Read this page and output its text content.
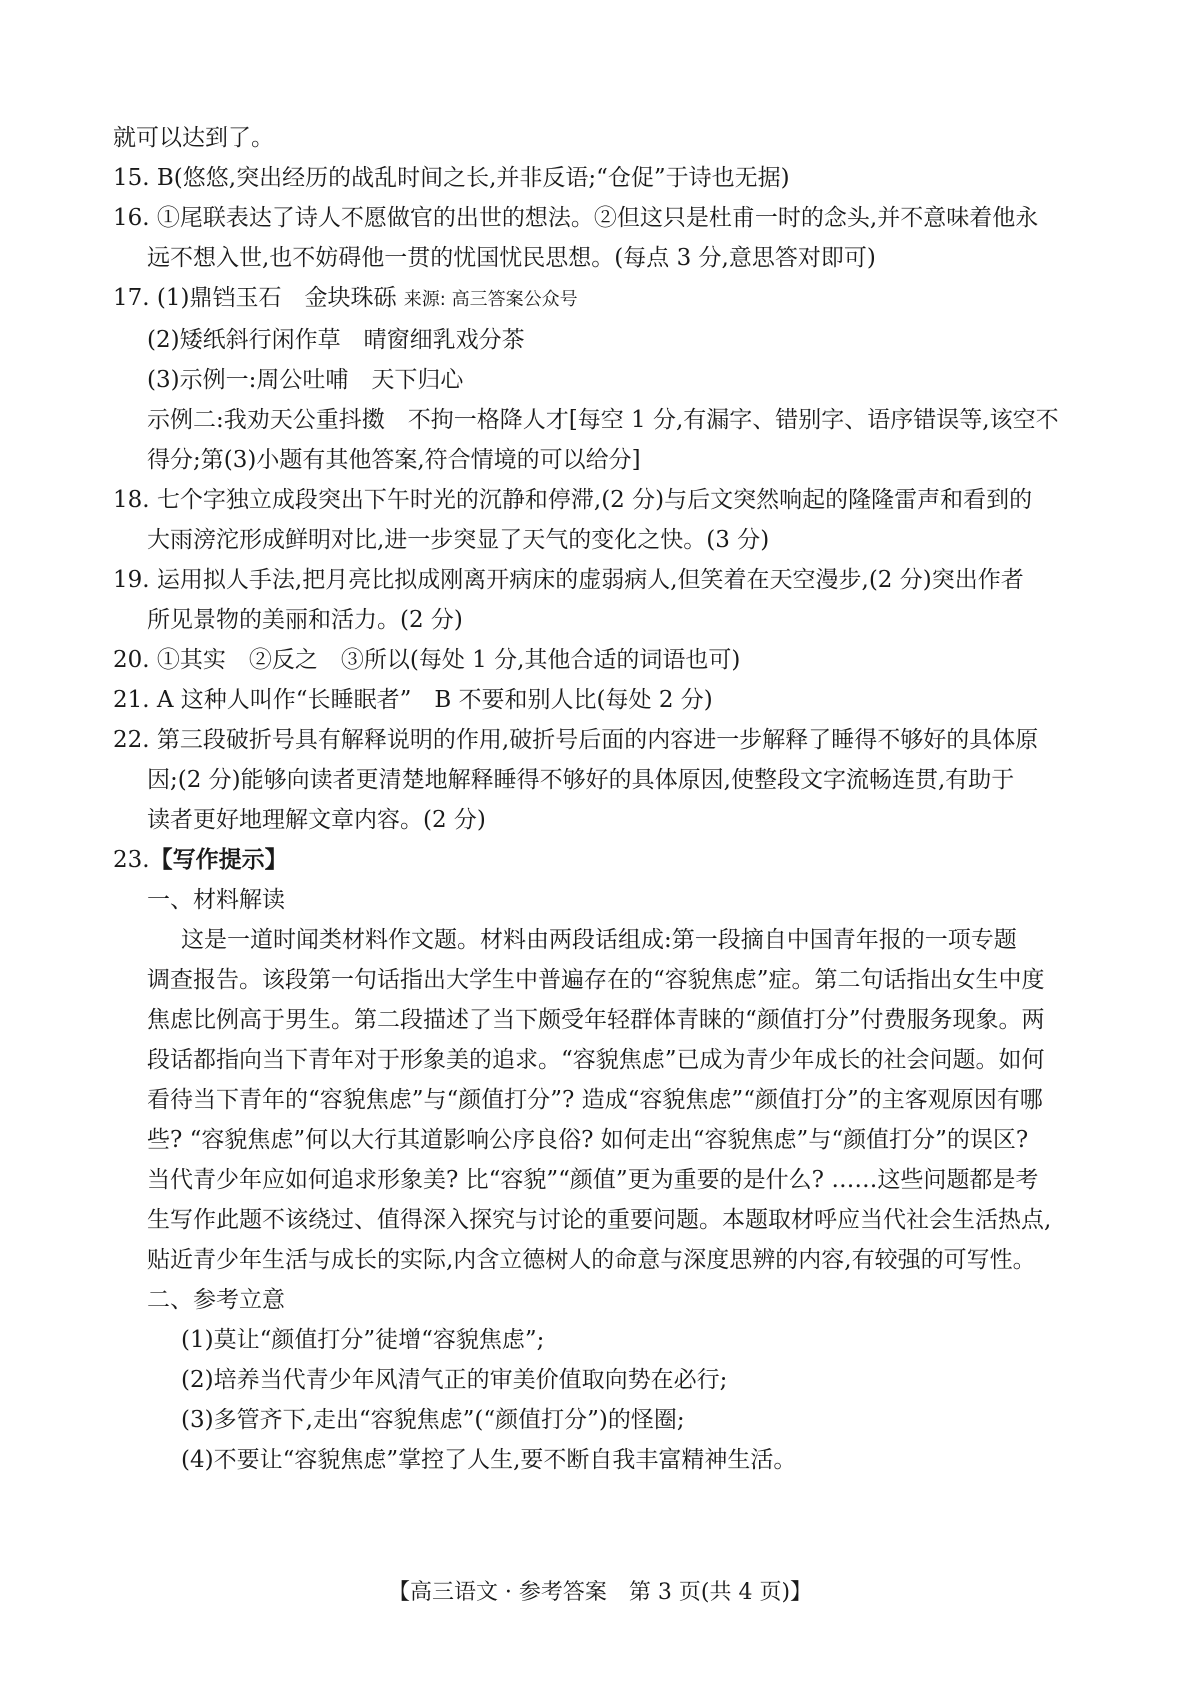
就可以达到了。
15. B(悠悠,突出经历的战乱时间之长,并非反语;“仓促”于诗也无据)
16. ①尾联表达了诗人不愿做官的出世的想法。②但这只是杜甫一时的念头,并不意味着他永
远不想入世,也不妨碍他一贯的忧国忧民思想。(每点 3 分,意思答对即可)
17. (1)鼎铛玉石　金块珠砾 来源: 高三答案公众号
(2)矮纸斜行闲作草　晴窗细乳戏分茶
(3)示例一:周公吐哺　天下归心
示例二:我劝天公重抖擞　不拘一格降人才[每空 1 分,有漏字、错别字、语序错误等,该空不
得分;第(3)小题有其他答案,符合情境的可以给分]
18. 七个字独立成段突出下午时光的沉静和停滞,(2 分)与后文突然响起的隆隆雷声和看到的
大雨滂沱形成鲜明对比,进一步突显了天气的变化之快。(3 分)
19. 运用拟人手法,把月亮比拟成刚离开病床的虚弱病人,但笑着在天空漫步,(2 分)突出作者
所见景物的美丽和活力。(2 分)
20. ①其实　②反之　③所以(每处 1 分,其他合适的词语也可)
21. A 这种人叫作“长睡眠者”　B 不要和别人比(每处 2 分)
22. 第三段破折号具有解释说明的作用,破折号后面的内容进一步解释了睡得不够好的具体原
因;(2 分)能够向读者更清楚地解释睡得不够好的具体原因,使整段文字流畅连贯,有助于
读者更好地理解文章内容。(2 分)
23.【写作提示】
一、材料解读
这是一道时闻类材料作文题。材料由两段话组成:第一段摘自中国青年报的一项专题
调查报告。该段第一句话指出大学生中普遍存在的“容貌焦虑”症。第二句话指出女生中度
焦虑比例高于男生。第二段描述了当下颇受年轻群体青睐的“颜值打分”付费服务现象。两
段话都指向当下青年对于形象美的追求。“容貌焦虑”已成为青少年成长的社会问题。如何
看待当下青年的“容貌焦虑”与“颜值打分”? 造成“容貌焦虑”“颜值打分”的主客观原因有哪
些? “容貌焦虑”何以大行其道影响公序良俗? 如何走出“容貌焦虑”与“颜值打分”的误区?
当代青少年应如何追求形象美? 比“容貌”“颜值”更为重要的是什么? ……这些问题都是考
生写作此题不该绕过、值得深入探究与讨论的重要问题。本题取材呼应当代社会生活热点,
贴近青少年生活与成长的实际,内含立德树人的命意与深度思辨的内容,有较强的可写性。
二、参考立意
(1)莫让“颜值打分”徒增“容貌焦虑”;
(2)培养当代青少年风清气正的审美价值取向势在必行;
(3)多管齐下,走出“容貌焦虑”(“颜值打分”)的怪圈;
(4)不要让“容貌焦虑”掌控了人生,要不断自我丰富精神生活。
【高三语文 · 参考答案　第 3 页(共 4 页)】
